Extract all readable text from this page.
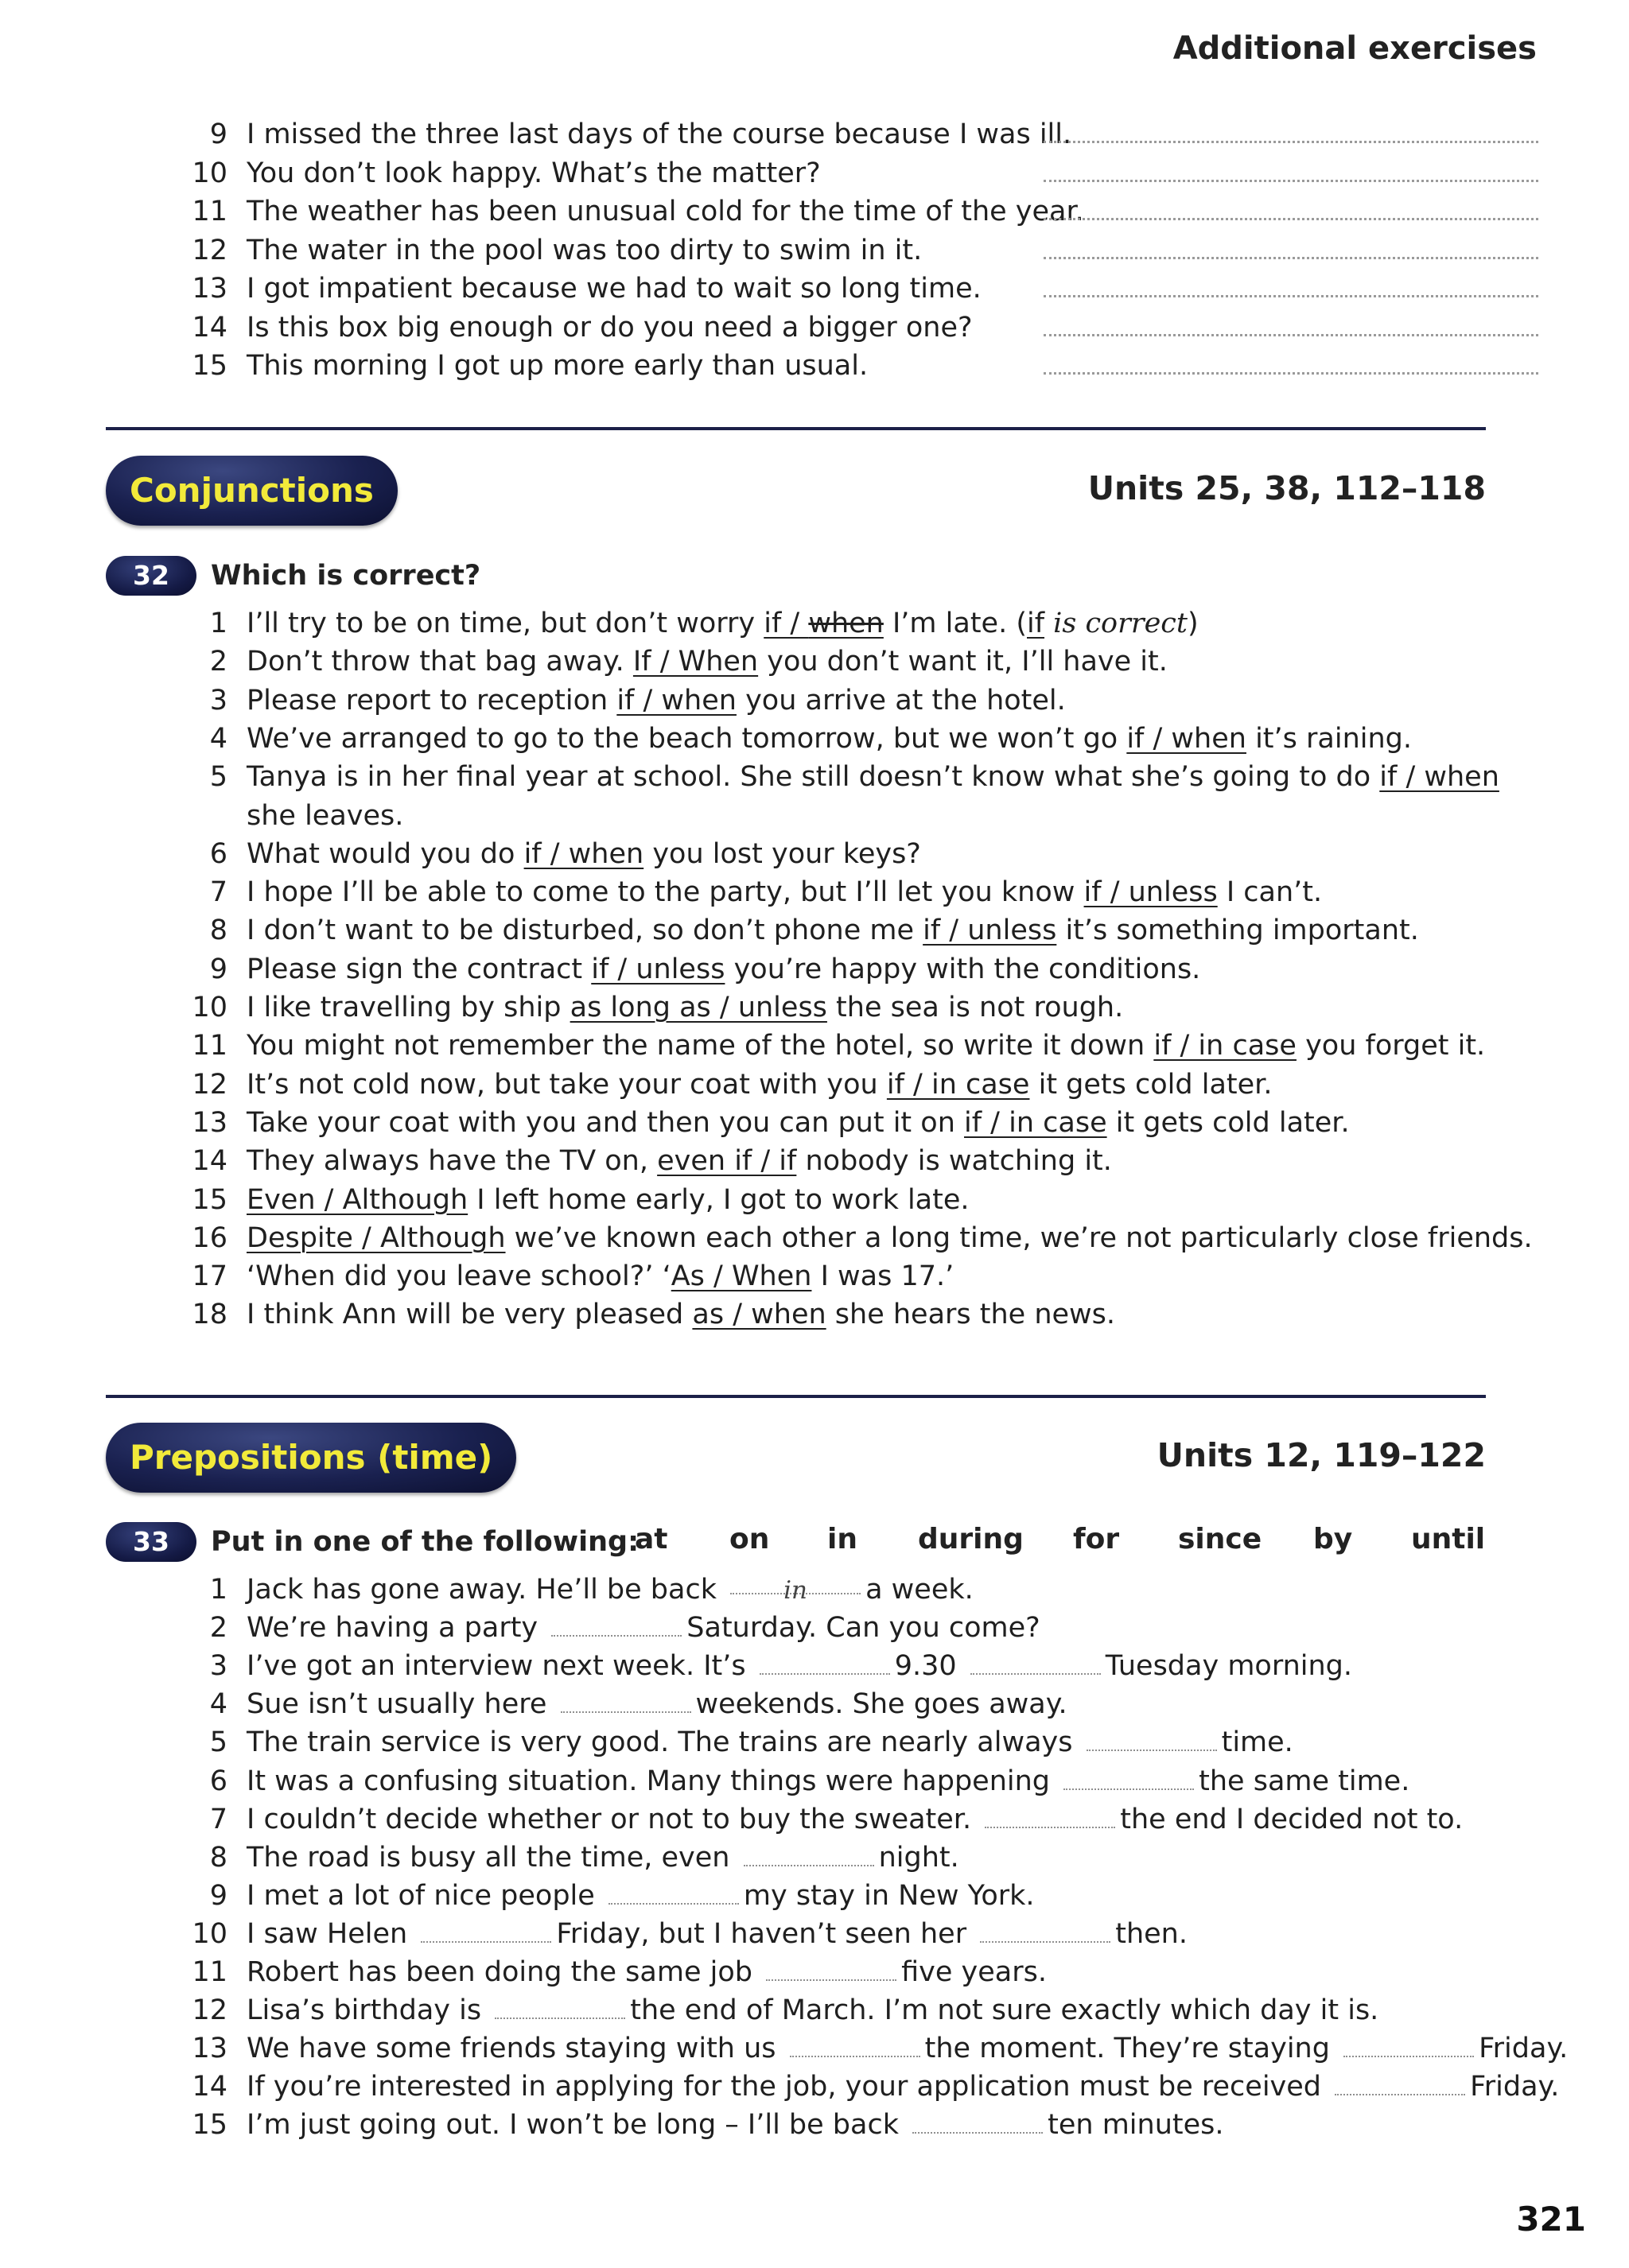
Additional exercises
9 I missed the three last days of the course because I was ill.
10 You don’t look happy. What’s the matter?
11 The weather has been unusual cold for the time of the year.
12 The water in the pool was too dirty to swim in it.
13 I got impatient because we had to wait so long time.
14 Is this box big enough or do you need a bigger one?
15 This morning I got up more early than usual.
Conjunctions	Units 25, 38, 112–118
32	Which is correct?
1 I’ll try to be on time, but don’t worry if / when I’m late. (if is correct)
2 Don’t throw that bag away. If / When you don’t want it, I’ll have it.
3 Please report to reception if / when you arrive at the hotel.
4 We’ve arranged to go to the beach tomorrow, but we won’t go if / when it’s raining.
5 Tanya is in her final year at school. She still doesn’t know what she’s going to do if / when
she leaves.
6 What would you do if / when you lost your keys?
7 I hope I’ll be able to come to the party, but I’ll let you know if / unless I can’t.
8 I don’t want to be disturbed, so don’t phone me if / unless it’s something important.
9 Please sign the contract if / unless you’re happy with the conditions.
10 I like travelling by ship as long as / unless the sea is not rough.
11 You might not remember the name of the hotel, so write it down if / in case you forget it.
12 It’s not cold now, but take your coat with you if / in case it gets cold later.
13 Take your coat with you and then you can put it on if / in case it gets cold later.
14 They always have the TV on, even if / if nobody is watching it.
15 Even / Although I left home early, I got to work late.
16 Despite / Although we’ve known each other a long time, we’re not particularly close friends.
17 ‘When did you leave school?’ ‘As / When I was 17.’
18 I think Ann will be very pleased as / when she hears the news.
Prepositions (time)	Units 12, 119–122
33	Put in one of the following:
at on in during for since by until
1 Jack has gone away. He’ll be back in a week.
2 We’re having a party	Saturday. Can you come?
3 I’ve got an interview next week. It’s	9.30	Tuesday morning.
4 Sue isn’t usually here	weekends. She goes away.
5 The train service is very good. The trains are nearly always	time.
6 It was a confusing situation. Many things were happening	the same time.
7 I couldn’t decide whether or not to buy the sweater.	the end I decided not to.
8 The road is busy all the time, even	night.
9 I met a lot of nice people	my stay in New York.
10 I saw Helen	Friday, but I haven’t seen her	then.
11 Robert has been doing the same job	five years.
12 Lisa’s birthday is	the end of March. I’m not sure exactly which day it is.
13 We have some friends staying with us	the moment. They’re staying	Friday.
14 If you’re interested in applying for the job, your application must be received	Friday.
15 I’m just going out. I won’t be long – I’ll be back	ten minutes.
321
